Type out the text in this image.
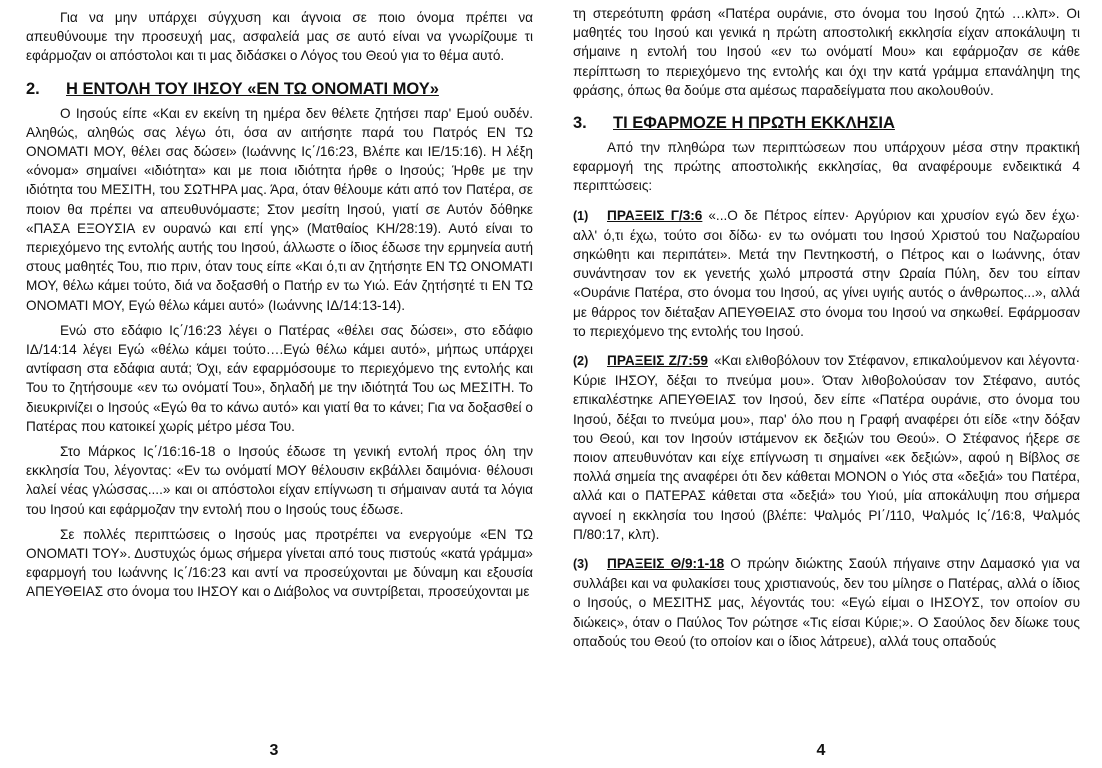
Για να μην υπάρχει σύγχυση και άγνοια σε ποιο όνομα πρέπει να απευθύνουμε την προσευχή μας, ασφαλείά μας σε αυτό είναι να γνωρίζουμε τι εφάρμοζαν οι απόστολοι και τι μας διδάσκει ο Λόγος του Θεού για το θέμα αυτό.

2. Η ΕΝΤΟΛΗ ΤΟΥ ΙΗΣΟΥ «ΕΝ ΤΩ ΟΝΟΜΑΤΙ ΜΟΥ»

Ο Ιησούς είπε «Και εν εκείνη τη ημέρα δεν θέλετε ζητήσει παρ' Εμού ουδέν. Αληθώς, αληθώς σας λέγω ότι, όσα αν αιτήσητε παρά του Πατρός ΕΝ ΤΩ ΟΝΟΜΑΤΙ ΜΟΥ, θέλει σας δώσει» (Ιωάννης Ις΄/16:23, Βλέπε και ΙΕ/15:16). Η λέξη «όνομα» σημαίνει «ιδιότητα» και με ποια ιδιότητα ήρθε ο Ιησούς; Ήρθε με την ιδιότητα του ΜΕΣΙΤΗ, του ΣΩΤΗΡΑ μας. Άρα, όταν θέλουμε κάτι από τον Πατέρα, σε ποιον θα πρέπει να απευθυνόμαστε; Στον μεσίτη Ιησού, γιατί σε Αυτόν δόθηκε «ΠΑΣΑ ΕΞΟΥΣΙΑ εν ουρανώ και επί γης» (Ματθαίος ΚΗ/28:19). Αυτό είναι το περιεχόμενο της εντολής αυτής του Ιησού, άλλωστε ο ίδιος έδωσε την ερμηνεία αυτή στους μαθητές Του, πιο πριν, όταν τους είπε «Και ό,τι αν ζητήσητε ΕΝ ΤΩ ΟΝΟΜΑΤΙ ΜΟΥ, θέλω κάμει τούτο, διά να δοξασθή ο Πατήρ εν τω Υιώ. Εάν ζητήσητέ τι ΕΝ ΤΩ ΟΝΟΜΑΤΙ ΜΟΥ, Εγώ θέλω κάμει αυτό» (Ιωάννης ΙΔ/14:13-14).

Ενώ στο εδάφιο Ις΄/16:23 λέγει ο Πατέρας «θέλει σας δώσει», στο εδάφιο ΙΔ/14:14 λέγει Εγώ «θέλω κάμει τούτο….Εγώ θέλω κάμει αυτό», μήπως υπάρχει αντίφαση στα εδάφια αυτά; Όχι, εάν εφαρμόσουμε το περιεχόμενο της εντολής και Του το ζητήσουμε «εν τω ονόματί Του», δηλαδή με την ιδιότητά Του ως ΜΕΣΙΤΗ. Το διευκρινίζει ο Ιησούς «Εγώ θα το κάνω αυτό» και γιατί θα το κάνει; Για να δοξασθεί ο Πατέρας που κατοικεί χωρίς μέτρο μέσα Του.

Στο Μάρκος Ις΄/16:16-18 ο Ιησούς έδωσε τη γενική εντολή προς όλη την εκκλησία Του, λέγοντας: «Εν τω ονόματί ΜΟΥ θέλουσιν εκβάλλει δαιμόνια· θέλουσι λαλεί νέας γλώσσας....» και οι απόστολοι είχαν επίγνωση τι σήμαιναν αυτά τα λόγια του Ιησού και εφάρμοζαν την εντολή που ο Ιησούς τους έδωσε.

Σε πολλές περιπτώσεις ο Ιησούς μας προτρέπει να ενεργούμε «ΕΝ ΤΩ ΟΝΟΜΑΤΙ ΤΟΥ». Δυστυχώς όμως σήμερα γίνεται από τους πιστούς «κατά γράμμα» εφαρμογή του Ιωάννης Ις΄/16:23 και αντί να προσεύχονται με δύναμη και εξουσία ΑΠΕΥΘΕΙΑΣ στο όνομα του ΙΗΣΟΥ και ο Διάβολος να συντρίβεται, προσεύχονται με

3

τη στερεότυπη φράση «Πατέρα ουράνιε, στο όνομα του Ιησού ζητώ …κλπ». Οι μαθητές του Ιησού και γενικά η πρώτη αποστολική εκκλησία είχαν αποκάλυψη τι σήμαινε η εντολή του Ιησού «εν τω ονόματί Μου» και εφάρμοζαν σε κάθε περίπτωση το περιεχόμενο της εντολής και όχι την κατά γράμμα επανάληψη της φράσης, όπως θα δούμε στα αμέσως παραδείγματα που ακολουθούν.

3. ΤΙ ΕΦΑΡΜΟΖΕ Η ΠΡΩΤΗ ΕΚΚΛΗΣΙΑ

Από την πληθώρα των περιπτώσεων που υπάρχουν μέσα στην πρακτική εφαρμογή της πρώτης αποστολικής εκκλησίας, θα αναφέρουμε ενδεικτικά 4 περιπτώσεις:

(1) ΠΡΑΞΕΙΣ Γ/3:6 «...Ο δε Πέτρος είπεν· Αργύριον και χρυσίον εγώ δεν έχω· αλλ' ό,τι έχω, τούτο σοι δίδω· εν τω ονόματι του Ιησού Χριστού του Ναζωραίου σηκώθητι και περιπάτει». Μετά την Πεντηκοστή, ο Πέτρος και ο Ιωάννης, όταν συνάντησαν τον εκ γενετής χωλό μπροστά στην Ωραία Πύλη, δεν του είπαν «Ουράνιε Πατέρα, στο όνομα του Ιησού, ας γίνει υγιής αυτός ο άνθρωπος...», αλλά με θάρρος τον διέταξαν ΑΠΕΥΘΕΙΑΣ στο όνομα του Ιησού να σηκωθεί. Εφάρμοσαν το περιεχόμενο της εντολής του Ιησού.

(2) ΠΡΑΞΕΙΣ Ζ/7:59 «Και ελιθοβόλουν τον Στέφανον, επικαλούμενον και λέγοντα· Κύριε ΙΗΣΟΥ, δέξαι το πνεύμα μου». Όταν λιθοβολούσαν τον Στέφανο, αυτός επικαλέστηκε ΑΠΕΥΘΕΙΑΣ τον Ιησού, δεν είπε «Πατέρα ουράνιε, στο όνομα του Ιησού, δέξαι το πνεύμα μου», παρ' όλο που η Γραφή αναφέρει ότι είδε «την δόξαν του Θεού, και τον Ιησούν ιστάμενον εκ δεξιών του Θεού». Ο Στέφανος ήξερε σε ποιον απευθυνόταν και είχε επίγνωση τι σημαίνει «εκ δεξιών», αφού η Βίβλος σε πολλά σημεία της αναφέρει ότι δεν κάθεται ΜΟΝΟΝ ο Υιός στα «δεξιά» του Πατέρα, αλλά και ο ΠΑΤΕΡΑΣ κάθεται στα «δεξιά» του Υιού, μία αποκάλυψη που σήμερα αγνοεί η εκκλησία του Ιησού (βλέπε: Ψαλμός ΡΙ΄/110, Ψαλμός Ις΄/16:8, Ψαλμός Π/80:17, κλπ).

(3) ΠΡΑΞΕΙΣ Θ/9:1-18 Ο πρώην διώκτης Σαούλ πήγαινε στην Δαμασκό για να συλλάβει και να φυλακίσει τους χριστιανούς, δεν του μίλησε ο Πατέρας, αλλά ο ίδιος ο Ιησούς, ο ΜΕΣΙΤΗΣ μας, λέγοντάς του: «Εγώ είμαι ο ΙΗΣΟΥΣ, τον οποίον συ διώκεις», όταν ο Παύλος Τον ρώτησε «Τις είσαι Κύριε;». Ο Σαούλος δεν δίωκε τους οπαδούς του Θεού (το οποίον και ο ίδιος λάτρευε), αλλά τους οπαδούς

4
